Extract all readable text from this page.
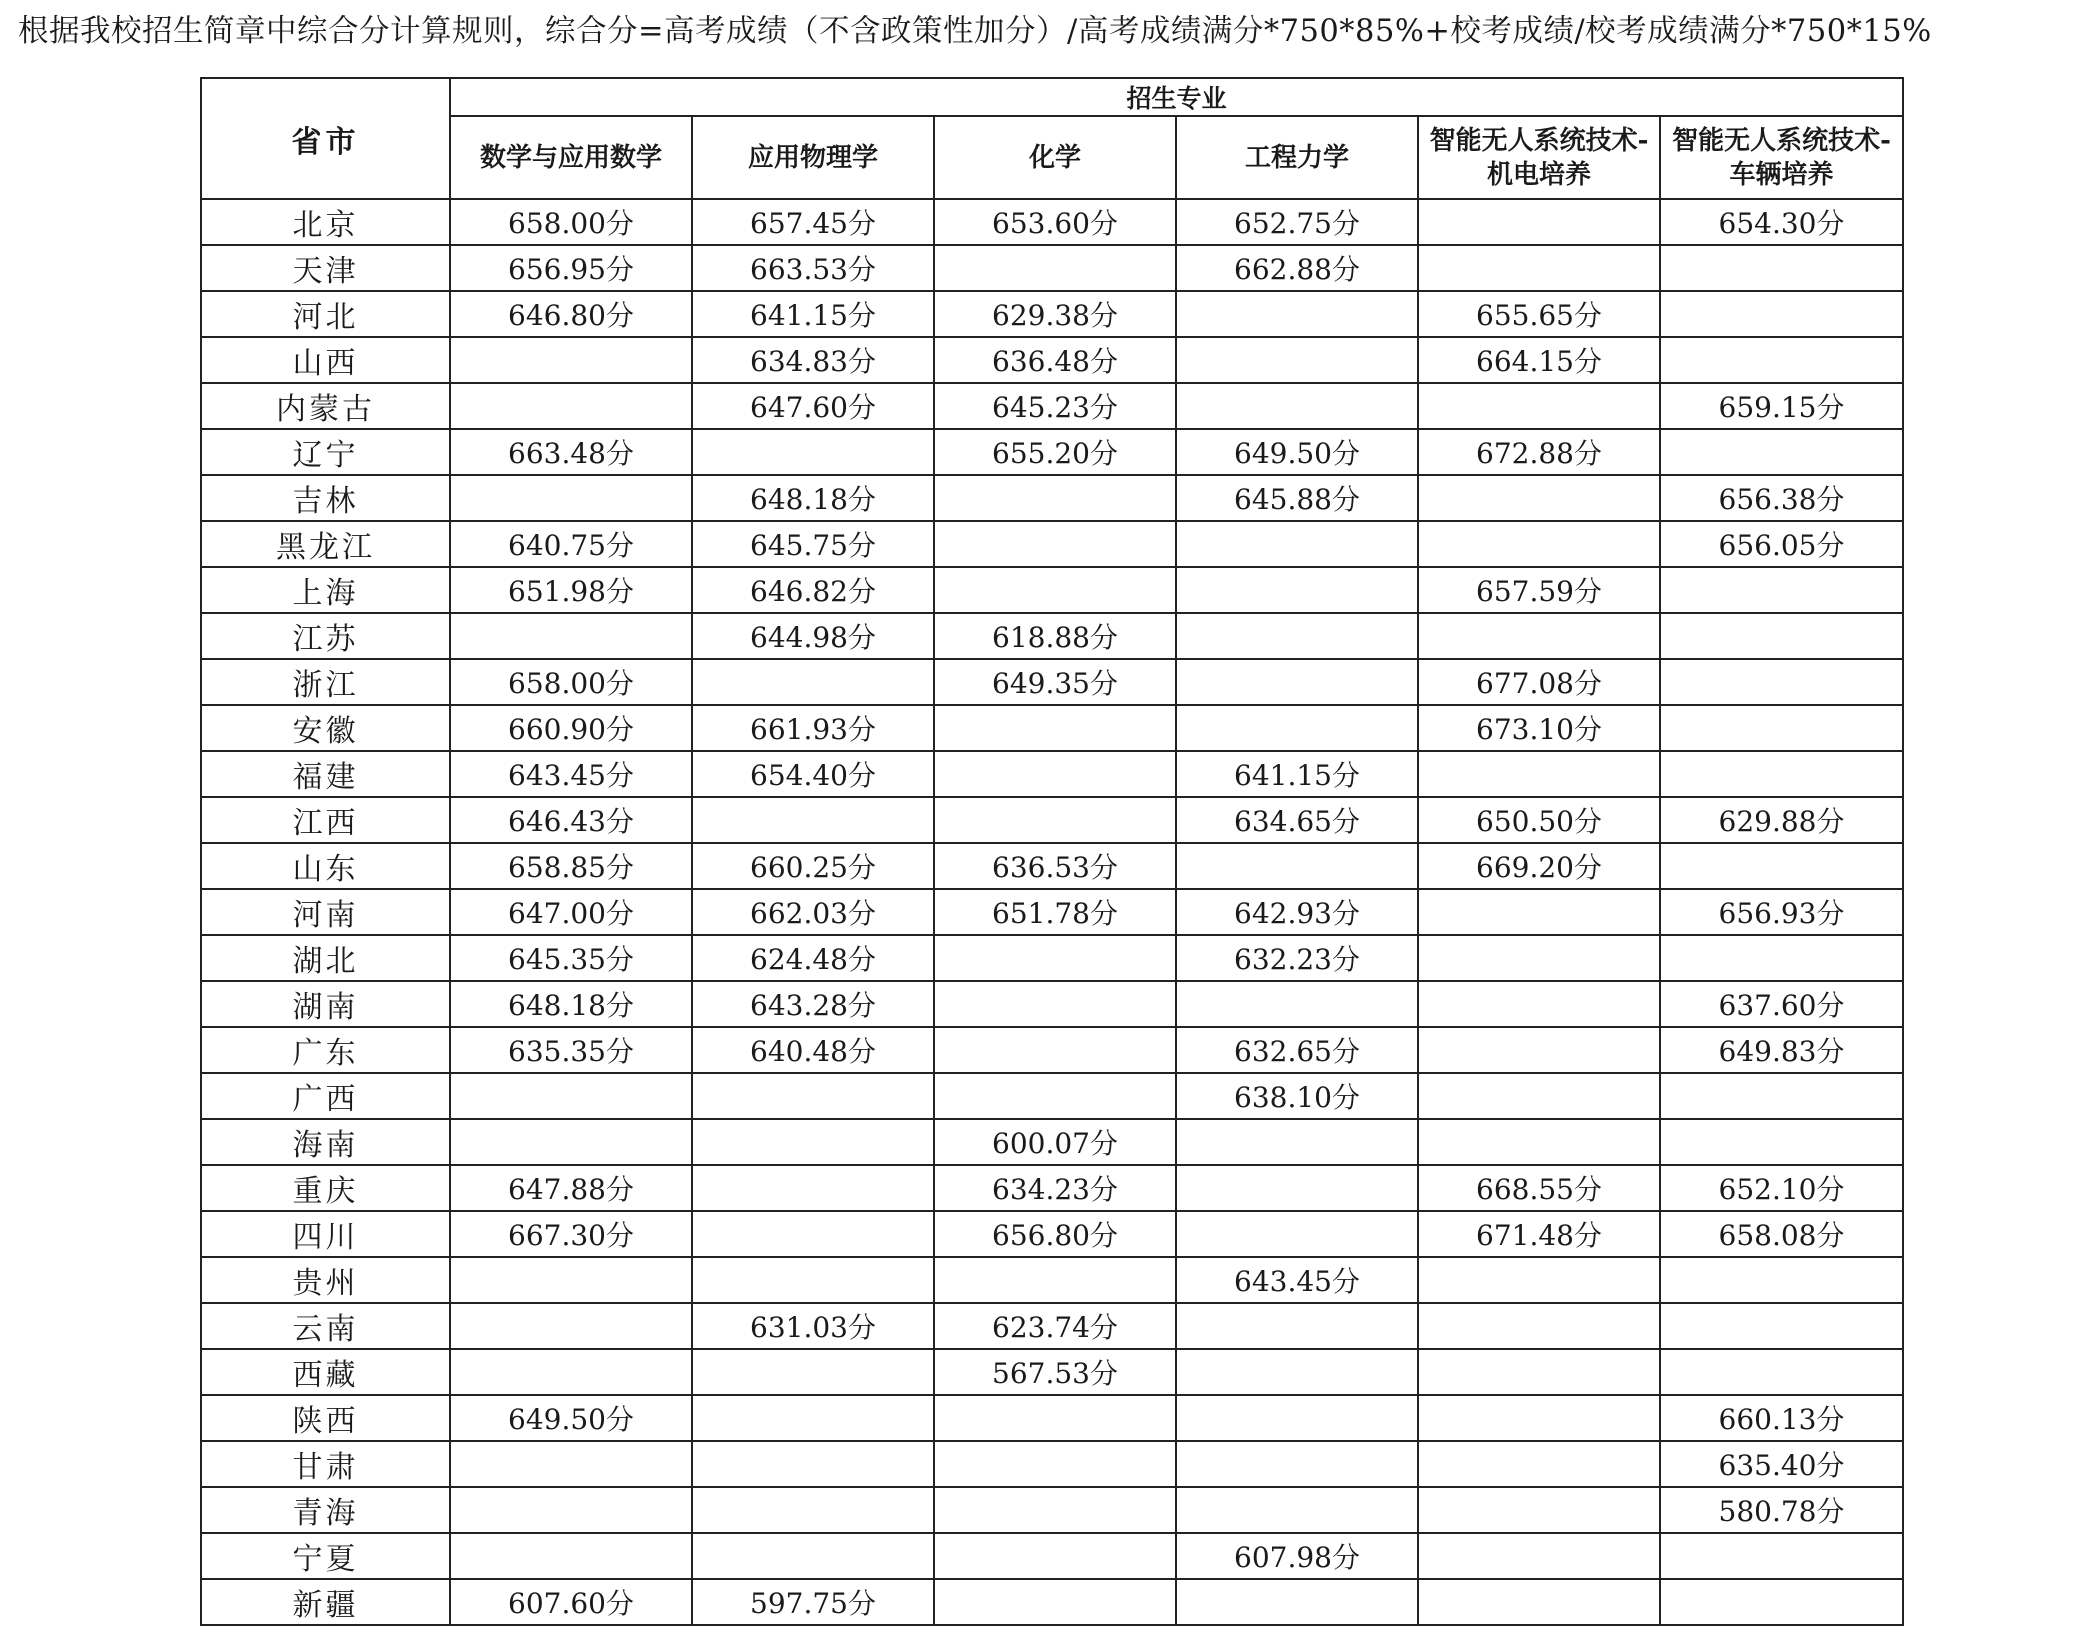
根据我校招生简章中综合分计算规则，综合分=高考成绩（不含政策性加分）/高考成绩满分*750*85%+校考成绩/校考成绩满分*750*15%
省市	招生专业					
	数学与应用数学	应用物理学	化学	工程力学	智能无人系统技术-机电培养	智能无人系统技术-车辆培养
北京	658.00分	657.45分	653.60分	652.75分		654.30分
天津	656.95分	663.53分		662.88分		
河北	646.80分	641.15分	629.38分		655.65分	
山西		634.83分	636.48分		664.15分	
内蒙古		647.60分	645.23分			659.15分
辽宁	663.48分		655.20分	649.50分	672.88分	
吉林		648.18分		645.88分		656.38分
黑龙江	640.75分	645.75分				656.05分
上海	651.98分	646.82分			657.59分	
江苏		644.98分	618.88分			
浙江	658.00分		649.35分		677.08分	
安徽	660.90分	661.93分			673.10分	
福建	643.45分	654.40分		641.15分		
江西	646.43分			634.65分	650.50分	629.88分
山东	658.85分	660.25分	636.53分		669.20分	
河南	647.00分	662.03分	651.78分	642.93分		656.93分
湖北	645.35分	624.48分		632.23分		
湖南	648.18分	643.28分				637.60分
广东	635.35分	640.48分		632.65分		649.83分
广西				638.10分		
海南			600.07分			
重庆	647.88分		634.23分		668.55分	652.10分
四川	667.30分		656.80分		671.48分	658.08分
贵州				643.45分		
云南		631.03分	623.74分			
西藏			567.53分			
陕西	649.50分					660.13分
甘肃						635.40分
青海						580.78分
宁夏				607.98分		
新疆	607.60分	597.75分				
